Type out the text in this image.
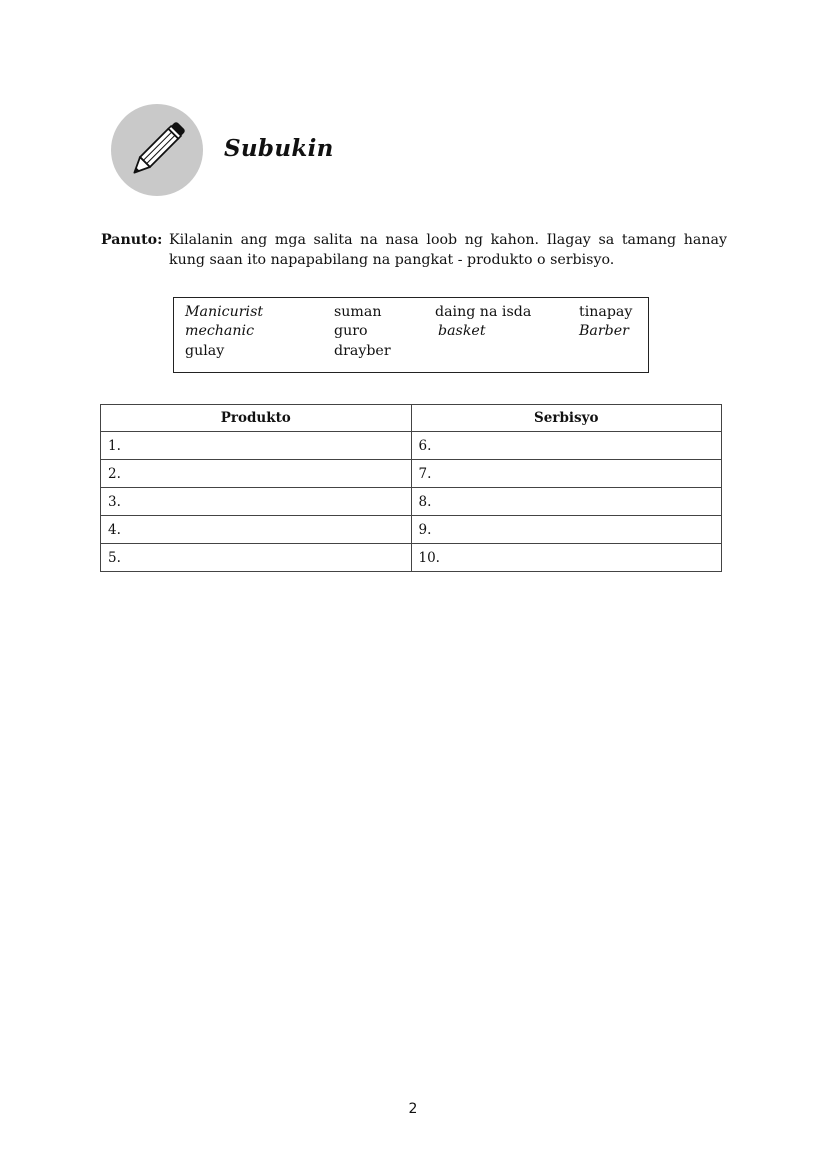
Subukin
Panuto: Kilalanin ang mga salita na nasa loob ng kahon. Ilagay sa tamang hanay kung saan ito napapabilang na pangkat - produkto o serbisyo.
Manicurist	suman	daing na isda	tinapay
mechanic	guro	basket	Barber
gulay	drayber
Produkto	Serbisyo
1.	6.
2.	7.
3.	8.
4.	9.
5.	10.
2
